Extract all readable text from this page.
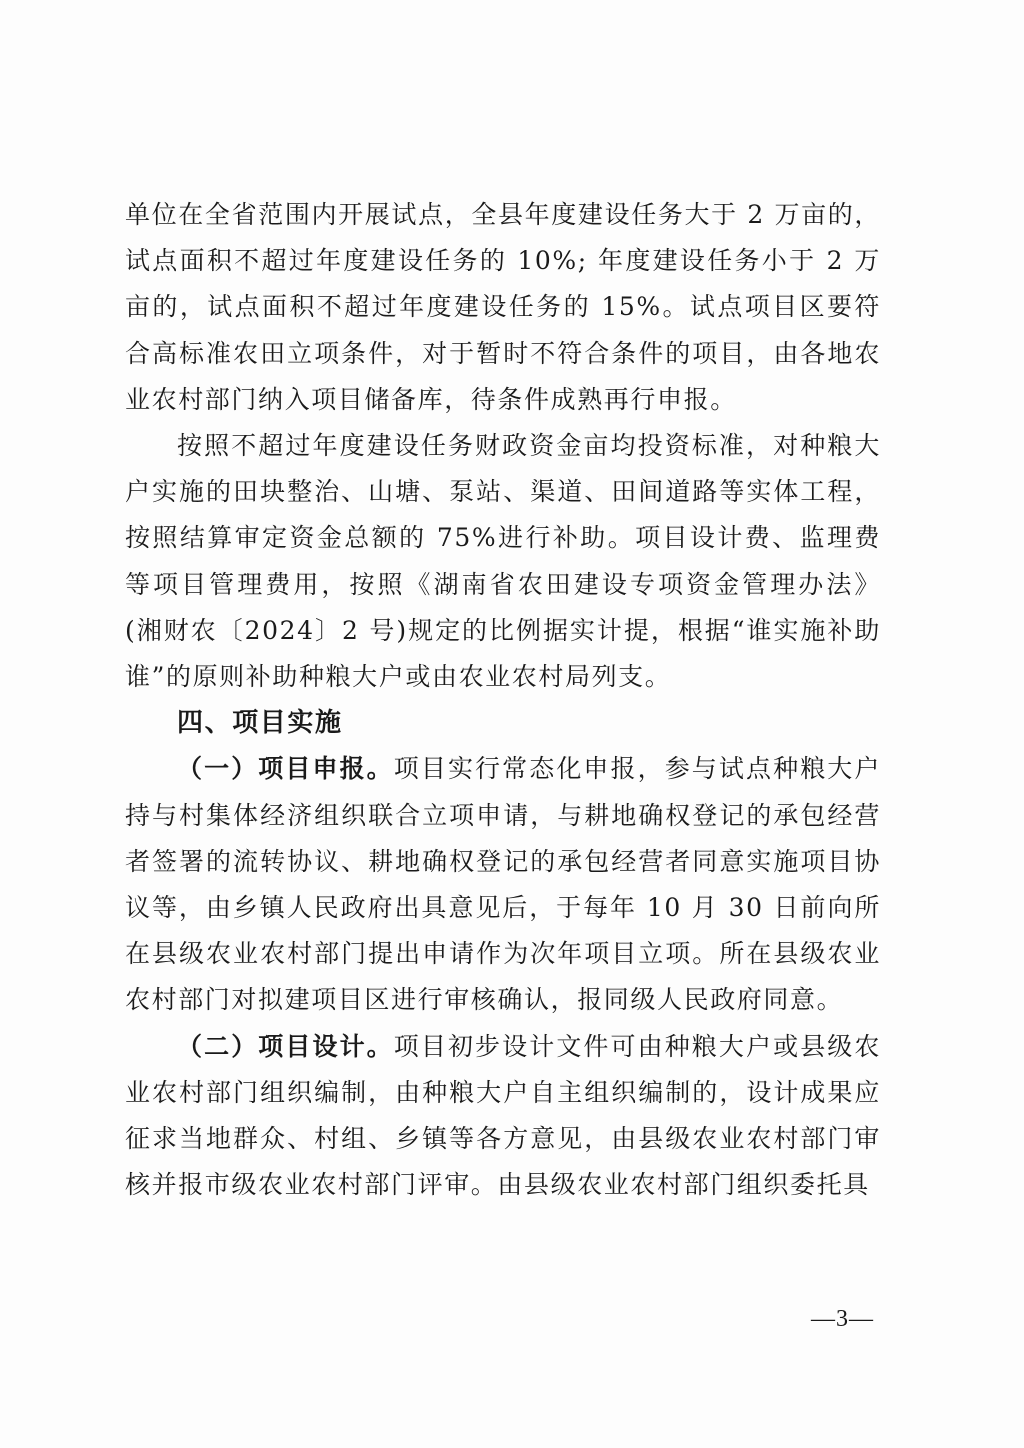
单位在全省范围内开展试点，全县年度建设任务大于 2 万亩的，试点面积不超过年度建设任务的 10%; 年度建设任务小于 2 万亩的，试点面积不超过年度建设任务的 15%。试点项目区要符合高标准农田立项条件，对于暂时不符合条件的项目，由各地农业农村部门纳入项目储备库，待条件成熟再行申报。

按照不超过年度建设任务财政资金亩均投资标准，对种粮大户实施的田块整治、山塘、泵站、渠道、田间道路等实体工程，按照结算审定资金总额的 75%进行补助。项目设计费、监理费等项目管理费用，按照《湖南省农田建设专项资金管理办法》(湘财农〔2024〕2 号)规定的比例据实计提，根据“谁实施补助谁”的原则补助种粮大户或由农业农村局列支。

四、项目实施

（一）项目申报。项目实行常态化申报，参与试点种粮大户持与村集体经济组织联合立项申请，与耕地确权登记的承包经营者签署的流转协议、耕地确权登记的承包经营者同意实施项目协议等，由乡镇人民政府出具意见后，于每年 10 月 30 日前向所在县级农业农村部门提出申请作为次年项目立项。所在县级农业农村部门对拟建项目区进行审核确认，报同级人民政府同意。

（二）项目设计。项目初步设计文件可由种粮大户或县级农业农村部门组织编制，由种粮大户自主组织编制的，设计成果应征求当地群众、村组、乡镇等各方意见，由县级农业农村部门审核并报市级农业农村部门评审。由县级农业农村部门组织委托具

—3—
